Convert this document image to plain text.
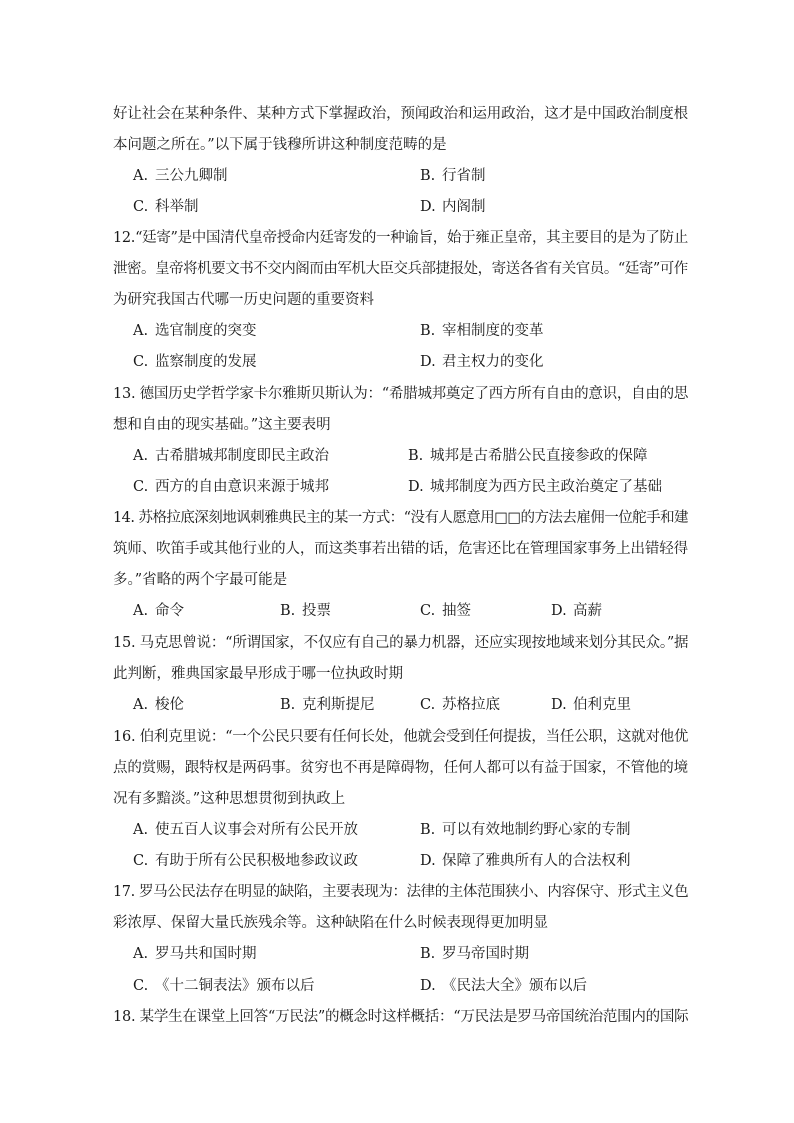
好让社会在某种条件、某种方式下掌握政治，预闻政治和运用政治，这才是中国政治制度根
本问题之所在。”以下属于钱穆所讲这种制度范畴的是
A. 三公九卿制	B. 行省制
C. 科举制	D. 内阁制
12.“廷寄”是中国清代皇帝授命内廷寄发的一种谕旨，始于雍正皇帝，其主要目的是为了防止
泄密。皇帝将机要文书不交内阁而由军机大臣交兵部捷报处，寄送各省有关官员。“廷寄”可作
为研究我国古代哪一历史问题的重要资料
A. 选官制度的突变	B. 宰相制度的变革
C. 监察制度的发展	D. 君主权力的变化
13. 德国历史学哲学家卡尔雅斯贝斯认为：“希腊城邦奠定了西方所有自由的意识，自由的思
想和自由的现实基础。”这主要表明
A. 古希腊城邦制度即民主政治	B. 城邦是古希腊公民直接参政的保障
C. 西方的自由意识来源于城邦	D. 城邦制度为西方民主政治奠定了基础
14. 苏格拉底深刻地讽刺雅典民主的某一方式：“没有人愿意用□□的方法去雇佣一位舵手和建
筑师、吹笛手或其他行业的人，而这类事若出错的话，危害还比在管理国家事务上出错轻得
多。”省略的两个字最可能是
A. 命令	B. 投票	C. 抽签	D. 高薪
15. 马克思曾说：“所谓国家，不仅应有自己的暴力机器，还应实现按地域来划分其民众。”据
此判断，雅典国家最早形成于哪一位执政时期
A. 梭伦	B. 克利斯提尼	C. 苏格拉底	D. 伯利克里
16. 伯利克里说：“一个公民只要有任何长处，他就会受到任何提拔，当任公职，这就对他优
点的赏赐，跟特权是两码事。贫穷也不再是障碍物，任何人都可以有益于国家，不管他的境
况有多黯淡。”这种思想贯彻到执政上
A. 使五百人议事会对所有公民开放	B. 可以有效地制约野心家的专制
C. 有助于所有公民积极地参政议政	D. 保障了雅典所有人的合法权利
17. 罗马公民法存在明显的缺陷，主要表现为：法律的主体范围狭小、内容保守、形式主义色
彩浓厚、保留大量氏族残余等。这种缺陷在什么时候表现得更加明显
A. 罗马共和国时期	B. 罗马帝国时期
C. 《十二铜表法》颁布以后	D. 《民法大全》颁布以后
18. 某学生在课堂上回答“万民法”的概念时这样概括：“万民法是罗马帝国统治范围内的国际
